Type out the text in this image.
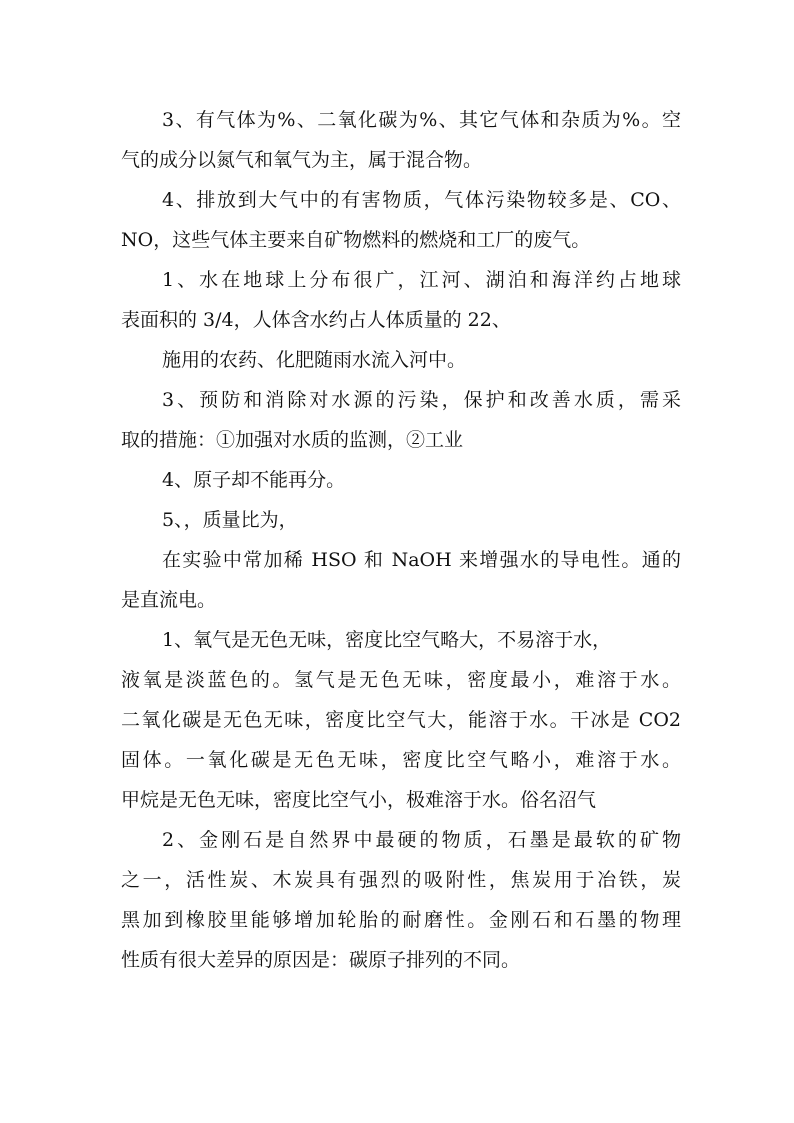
3、有气体为%、二氧化碳为%、其它气体和杂质为%。空
气的成分以氮气和氧气为主，属于混合物。
4、排放到大气中的有害物质，气体污染物较多是、CO、
NO，这些气体主要来自矿物燃料的燃烧和工厂的废气。
1、水在地球上分布很广，江河、湖泊和海洋约占地球
表面积的 3/4，人体含水约占人体质量的 22、
施用的农药、化肥随雨水流入河中。
3、预防和消除对水源的污染，保护和改善水质，需采
取的措施：①加强对水质的监测，②工业
4、原子却不能再分。
5、，质量比为，
在实验中常加稀 HSO 和 NaOH 来增强水的导电性。通的
是直流电。
1、氧气是无色无味，密度比空气略大，不易溶于水，
液氧是淡蓝色的。氢气是无色无味，密度最小，难溶于水。
二氧化碳是无色无味，密度比空气大，能溶于水。干冰是 CO2
固体。一氧化碳是无色无味，密度比空气略小，难溶于水。
甲烷是无色无味，密度比空气小，极难溶于水。俗名沼气
2、金刚石是自然界中最硬的物质，石墨是最软的矿物
之一，活性炭、木炭具有强烈的吸附性，焦炭用于冶铁，炭
黑加到橡胶里能够增加轮胎的耐磨性。金刚石和石墨的物理
性质有很大差异的原因是：碳原子排列的不同。
